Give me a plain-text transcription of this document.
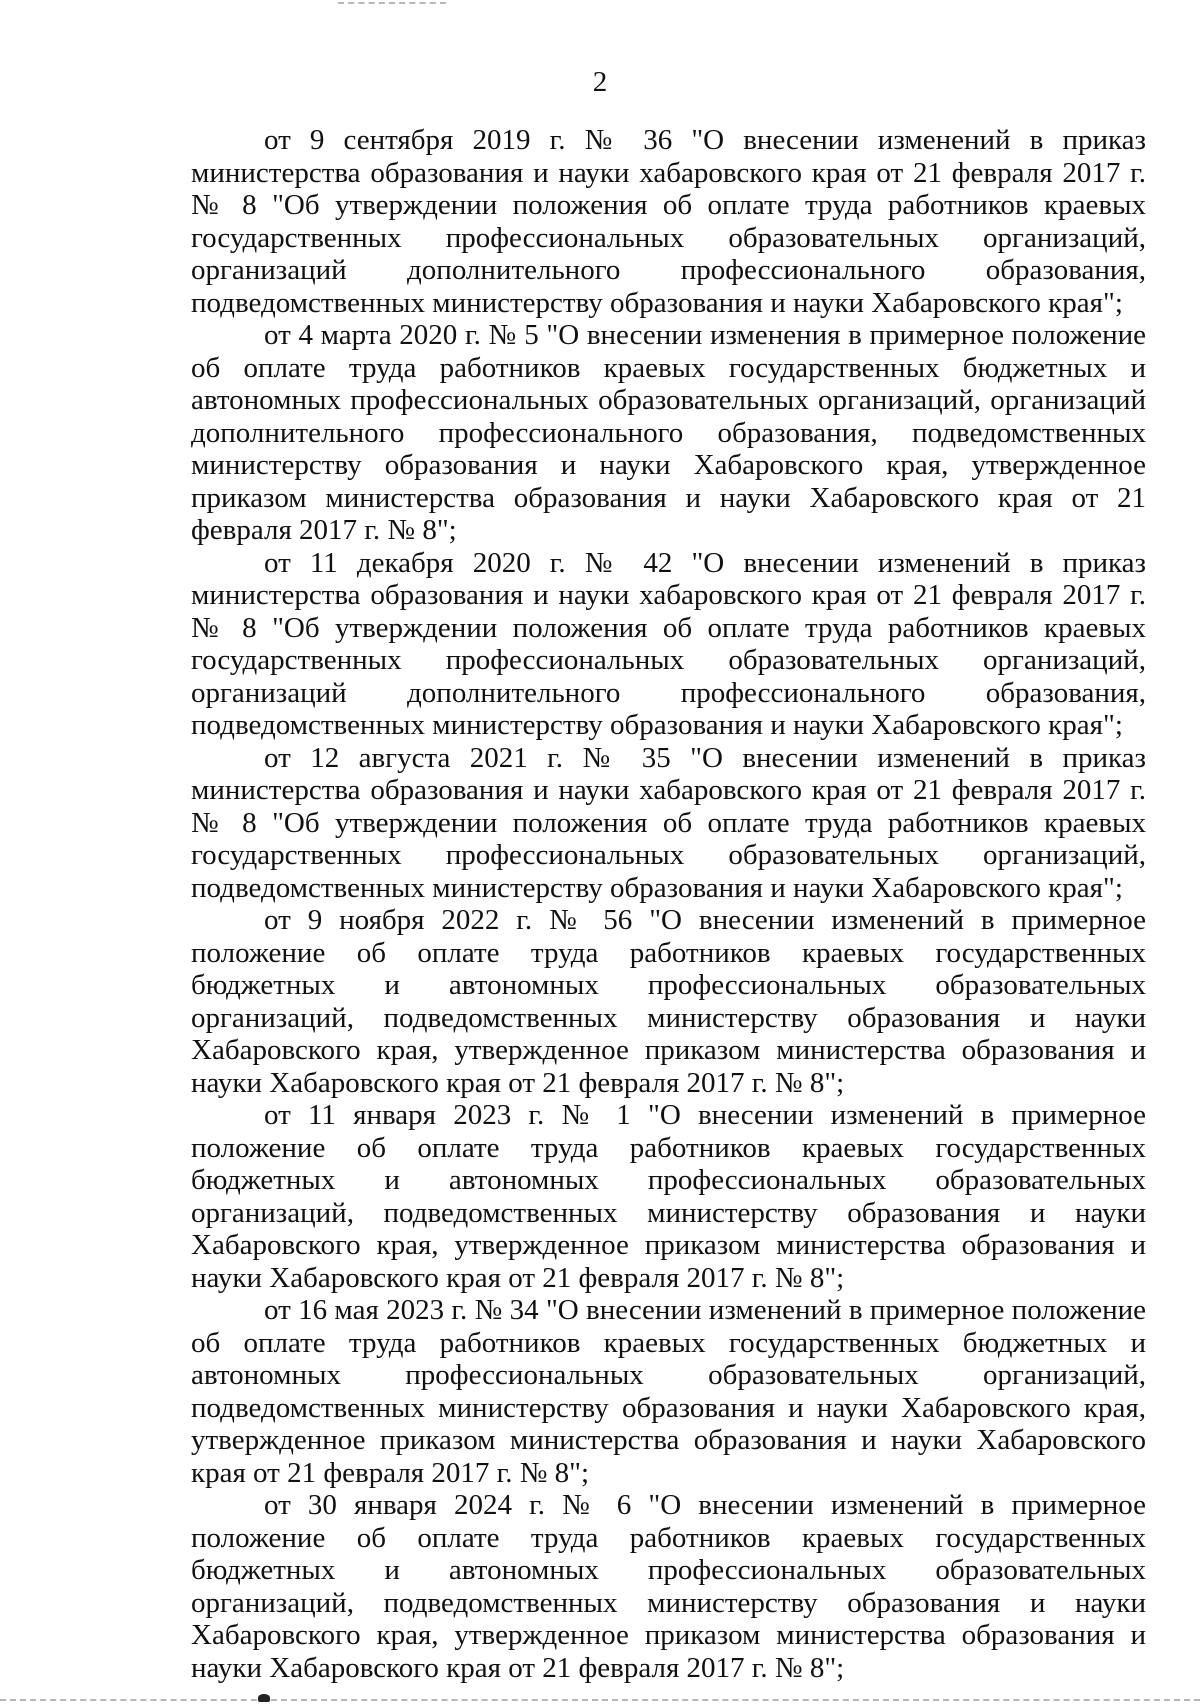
2

от 9 сентября 2019 г. № 36 "О внесении изменений в приказ министерства образования и науки хабаровского края от 21 февраля 2017 г. № 8 "Об утверждении положения об оплате труда работников краевых государственных профессиональных образовательных организаций, организаций дополнительного профессионального образования, подведомственных министерству образования и науки Хабаровского края";

от 4 марта 2020 г. № 5 "О внесении изменения в примерное положение об оплате труда работников краевых государственных бюджетных и автономных профессиональных образовательных организаций, организаций дополнительного профессионального образования, подведомственных министерству образования и науки Хабаровского края, утвержденное приказом министерства образования и науки Хабаровского края от 21 февраля 2017 г. № 8";

от 11 декабря 2020 г. № 42 "О внесении изменений в приказ министерства образования и науки хабаровского края от 21 февраля 2017 г. № 8 "Об утверждении положения об оплате труда работников краевых государственных профессиональных образовательных организаций, организаций дополнительного профессионального образования, подведомственных министерству образования и науки Хабаровского края";

от 12 августа 2021 г. № 35 "О внесении изменений в приказ министерства образования и науки хабаровского края от 21 февраля 2017 г. № 8 "Об утверждении положения об оплате труда работников краевых государственных профессиональных образовательных организаций, подведомственных министерству образования и науки Хабаровского края";

от 9 ноября 2022 г. № 56 "О внесении изменений в примерное положение об оплате труда работников краевых государственных бюджетных и автономных профессиональных образовательных организаций, подведомственных министерству образования и науки Хабаровского края, утвержденное приказом министерства образования и науки Хабаровского края от 21 февраля 2017 г. № 8";

от 11 января 2023 г. № 1 "О внесении изменений в примерное положение об оплате труда работников краевых государственных бюджетных и автономных профессиональных образовательных организаций, подведомственных министерству образования и науки Хабаровского края, утвержденное приказом министерства образования и науки Хабаровского края от 21 февраля 2017 г. № 8";

от 16 мая 2023 г. № 34 "О внесении изменений в примерное положение об оплате труда работников краевых государственных бюджетных и автономных профессиональных образовательных организаций, подведомственных министерству образования и науки Хабаровского края, утвержденное приказом министерства образования и науки Хабаровского края от 21 февраля 2017 г. № 8";

от 30 января 2024 г. № 6 "О внесении изменений в примерное положение об оплате труда работников краевых государственных бюджетных и автономных профессиональных образовательных организаций, подведомственных министерству образования и науки Хабаровского края, утвержденное приказом министерства образования и науки Хабаровского края от 21 февраля 2017 г. № 8";
